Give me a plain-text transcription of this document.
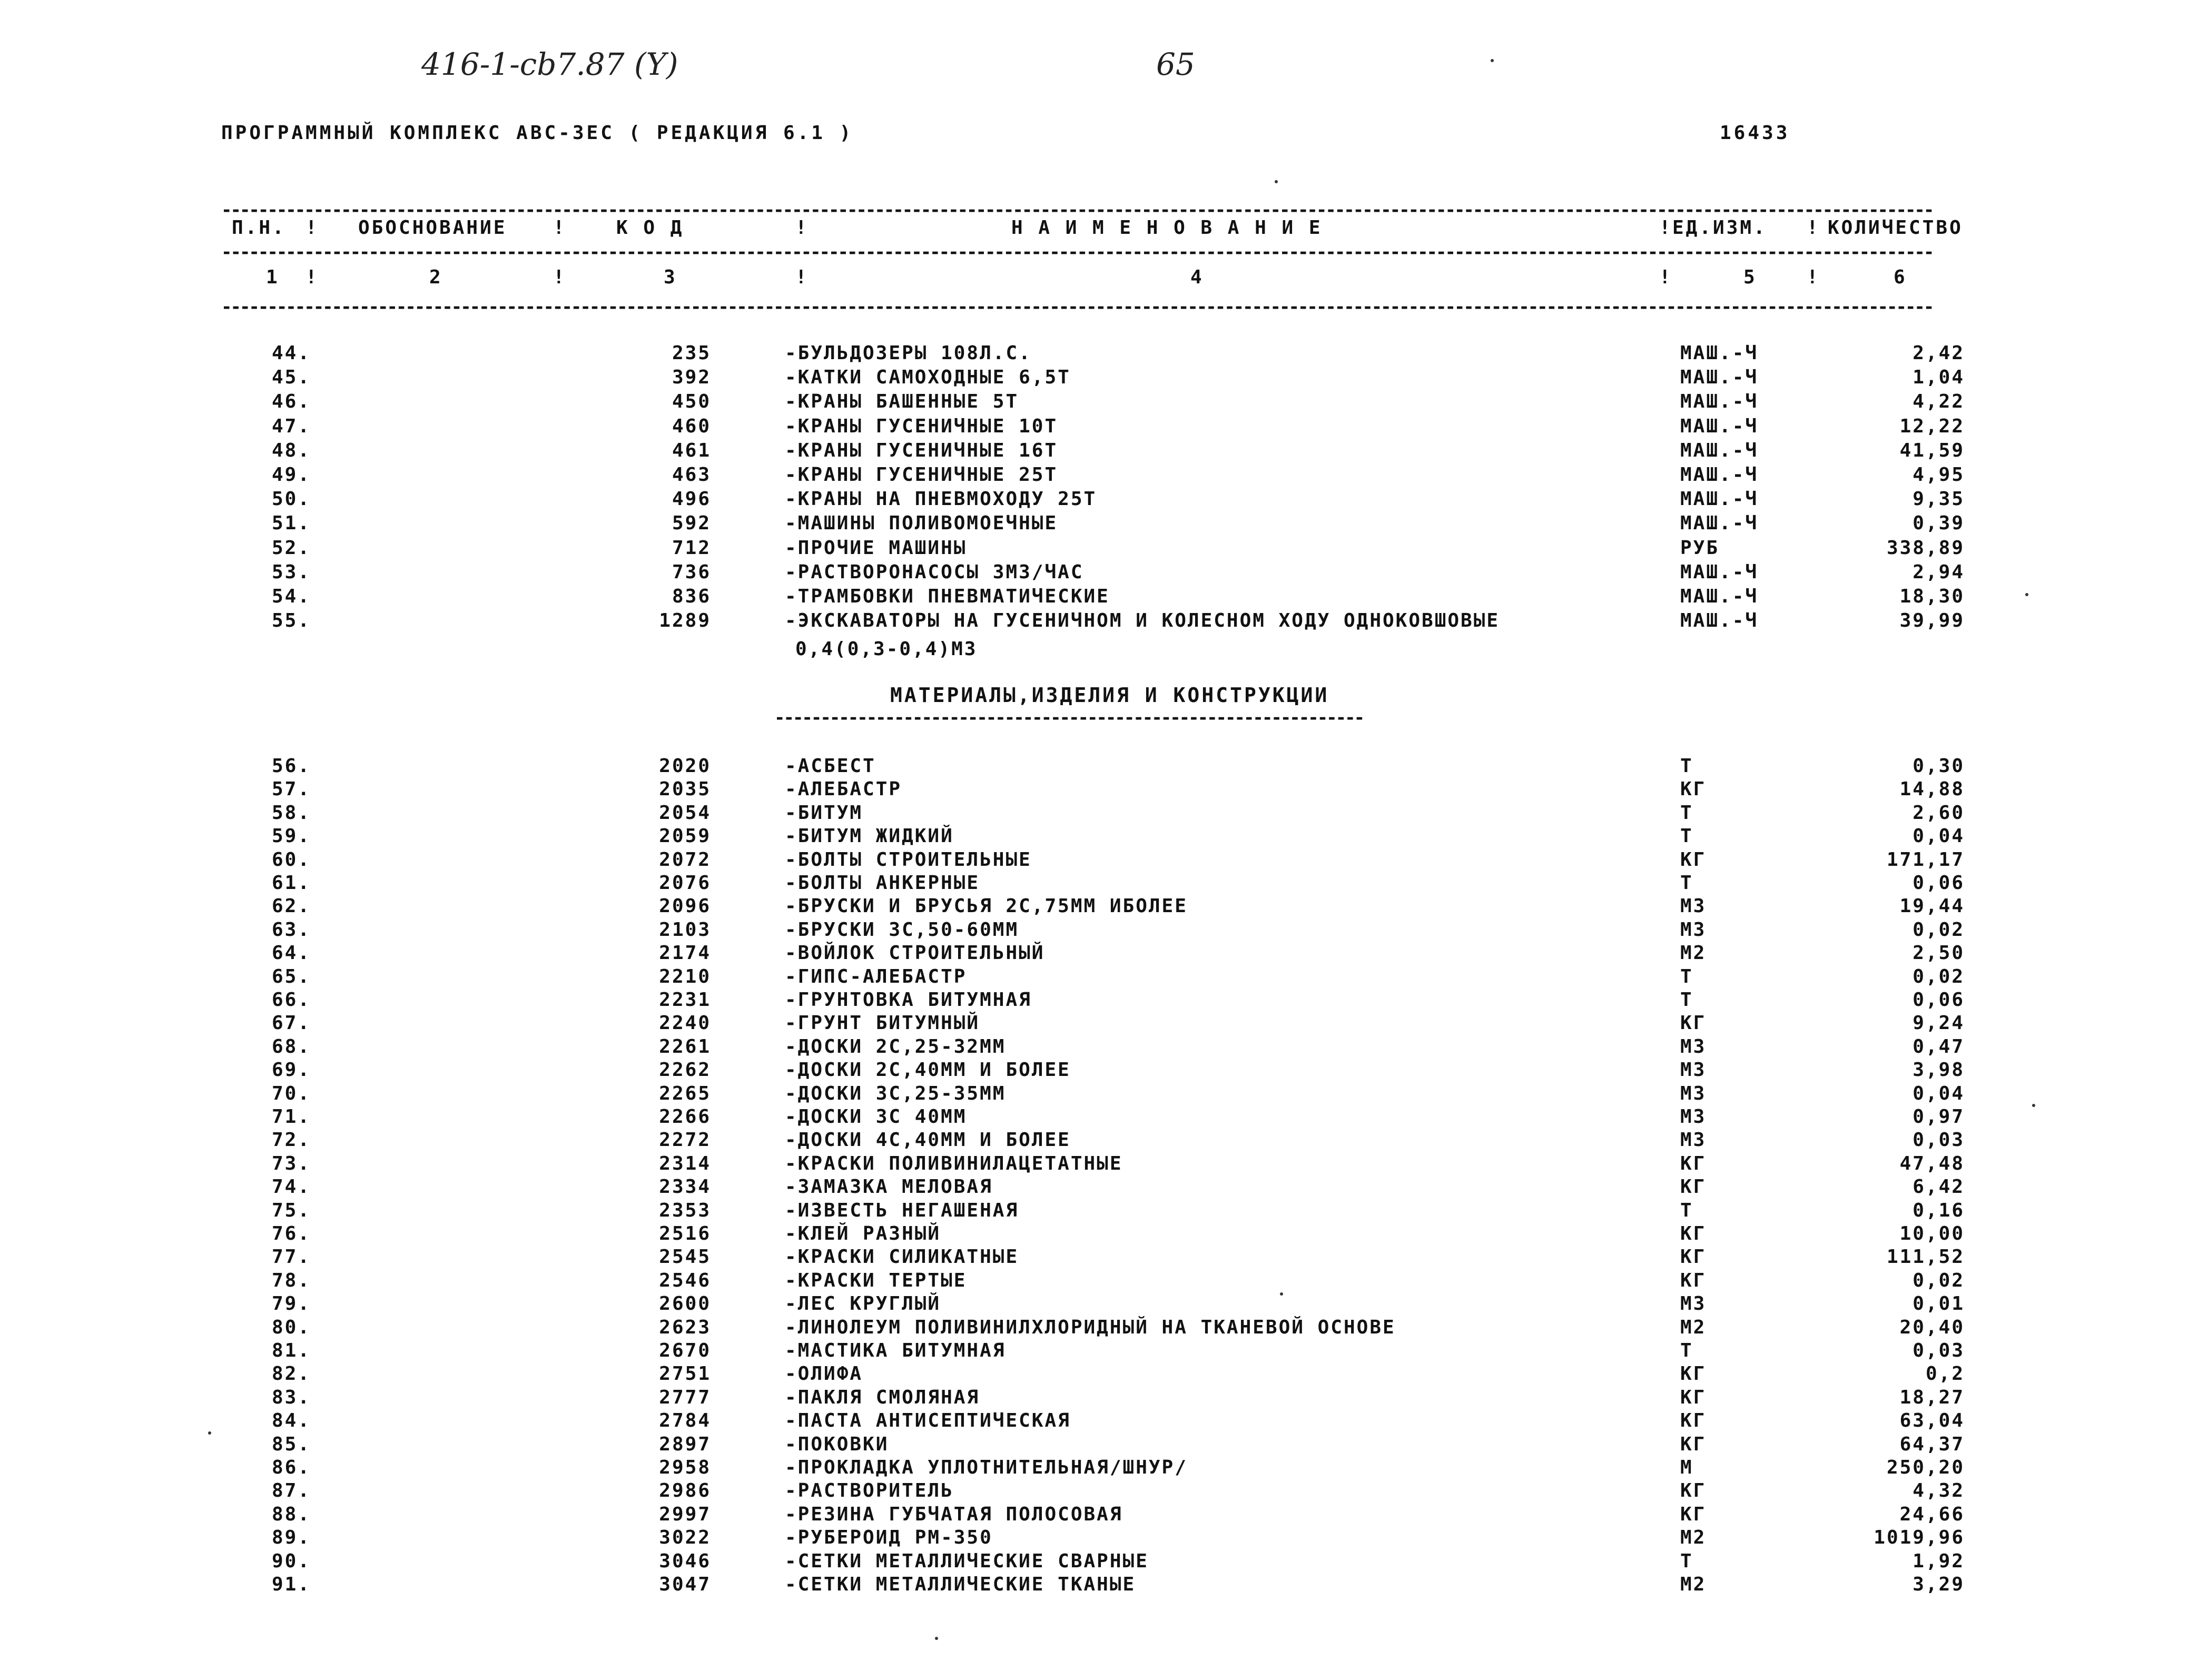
416-1-cb7.87 (Y)	65
ПРОГРАММНЫЙ КОМПЛЕКС АВС-3ЕС ( РЕДАКЦИЯ 6.1 )	16433
------------------------------------------------------------------------------------------------------------------------------------------------------------------------------------------
П.Н. ! ОБОСНОВАНИЕ !	К О Д	!	Н А И М Е Н О В А Н И Е	! ЕД.ИЗМ. ! КОЛИЧЕСТВО
------------------------------------------------------------------------------------------------------------------------------------------------------------------------------------------
1 !	2	!	3	!	4	!	5	!	6
------------------------------------------------------------------------------------------------------------------------------------------------------------------------------------------
44.	235	-БУЛЬДОЗЕРЫ 108Л.С.	МАШ.-Ч	2,42
45.	392	-КАТКИ САМОХОДНЫЕ 6,5Т	МАШ.-Ч	1,04
46.	450	-КРАНЫ БАШЕННЫЕ 5Т	МАШ.-Ч	4,22
47.	460	-КРАНЫ ГУСЕНИЧНЫЕ 10Т	МАШ.-Ч	12,22
48.	461	-КРАНЫ ГУСЕНИЧНЫЕ 16Т	МАШ.-Ч	41,59
49.	463	-КРАНЫ ГУСЕНИЧНЫЕ 25Т	МАШ.-Ч	4,95
50.	496	-КРАНЫ НА ПНЕВМОХОДУ 25Т	МАШ.-Ч	9,35
51.	592	-МАШИНЫ ПОЛИВОМОЕЧНЫЕ	МАШ.-Ч	0,39
52.	712	-ПРОЧИЕ МАШИНЫ	РУБ	338,89
53.	736	-РАСТВОРОНАСОСЫ 3М3/ЧАС	МАШ.-Ч	2,94
54.	836	-ТРАМБОВКИ ПНЕВМАТИЧЕСКИЕ	МАШ.-Ч	18,30
55.	1289	-ЭКСКАВАТОРЫ НА ГУСЕНИЧНОМ И КОЛЕСНОМ ХОДУ ОДНОКОВШОВЫЕ	МАШ.-Ч	39,99
0,4(0,3-0,4)М3
МАТЕРИАЛЫ,ИЗДЕЛИЯ И КОНСТРУКЦИИ
----------------------------------------------------------------
56.	2020	-АСБЕСТ	Т	0,30
57.	2035	-АЛЕБАСТР	КГ	14,88
58.	2054	-БИТУМ	Т	2,60
59.	2059	-БИТУМ ЖИДКИЙ	Т	0,04
60.	2072	-БОЛТЫ СТРОИТЕЛЬНЫЕ	КГ	171,17
61.	2076	-БОЛТЫ АНКЕРНЫЕ	Т	0,06
62.	2096	-БРУСКИ И БРУСЬЯ 2С,75ММ ИБОЛЕЕ	М3	19,44
63.	2103	-БРУСКИ 3С,50-60ММ	М3	0,02
64.	2174	-ВОЙЛОК СТРОИТЕЛЬНЫЙ	М2	2,50
65.	2210	-ГИПС-АЛЕБАСТР	Т	0,02
66.	2231	-ГРУНТОВКА БИТУМНАЯ	Т	0,06
67.	2240	-ГРУНТ БИТУМНЫЙ	КГ	9,24
68.	2261	-ДОСКИ 2С,25-32ММ	М3	0,47
69.	2262	-ДОСКИ 2С,40ММ И БОЛЕЕ	М3	3,98
70.	2265	-ДОСКИ 3С,25-35ММ	М3	0,04
71.	2266	-ДОСКИ 3С 40ММ	М3	0,97
72.	2272	-ДОСКИ 4С,40ММ И БОЛЕЕ	М3	0,03
73.	2314	-КРАСКИ ПОЛИВИНИЛАЦЕТАТНЫЕ	КГ	47,48
74.	2334	-ЗАМАЗКА МЕЛОВАЯ	КГ	6,42
75.	2353	-ИЗВЕСТЬ НЕГАШЕНАЯ	Т	0,16
76.	2516	-КЛЕЙ РАЗНЫЙ	КГ	10,00
77.	2545	-КРАСКИ СИЛИКАТНЫЕ	КГ	111,52
78.	2546	-КРАСКИ ТЕРТЫЕ	КГ	0,02
79.	2600	-ЛЕС КРУГЛЫЙ	М3	0,01
80.	2623	-ЛИНОЛЕУМ ПОЛИВИНИЛХЛОРИДНЫЙ НА ТКАНЕВОЙ ОСНОВЕ	М2	20,40
81.	2670	-МАСТИКА БИТУМНАЯ	Т	0,03
82.	2751	-ОЛИФА	КГ	0,2
83.	2777	-ПАКЛЯ СМОЛЯНАЯ	КГ	18,27
84.	2784	-ПАСТА АНТИСЕПТИЧЕСКАЯ	КГ	63,04
85.	2897	-ПОКОВКИ	КГ	64,37
86.	2958	-ПРОКЛАДКА УПЛОТНИТЕЛЬНАЯ/ШНУР/	М	250,20
87.	2986	-РАСТВОРИТЕЛЬ	КГ	4,32
88.	2997	-РЕЗИНА ГУБЧАТАЯ ПОЛОСОВАЯ	КГ	24,66
89.	3022	-РУБЕРОИД РМ-350	М2	1019,96
90.	3046	-СЕТКИ МЕТАЛЛИЧЕСКИЕ СВАРНЫЕ	Т	1,92
91.	3047	-СЕТКИ МЕТАЛЛИЧЕСКИЕ ТКАНЫЕ	М2	3,29
